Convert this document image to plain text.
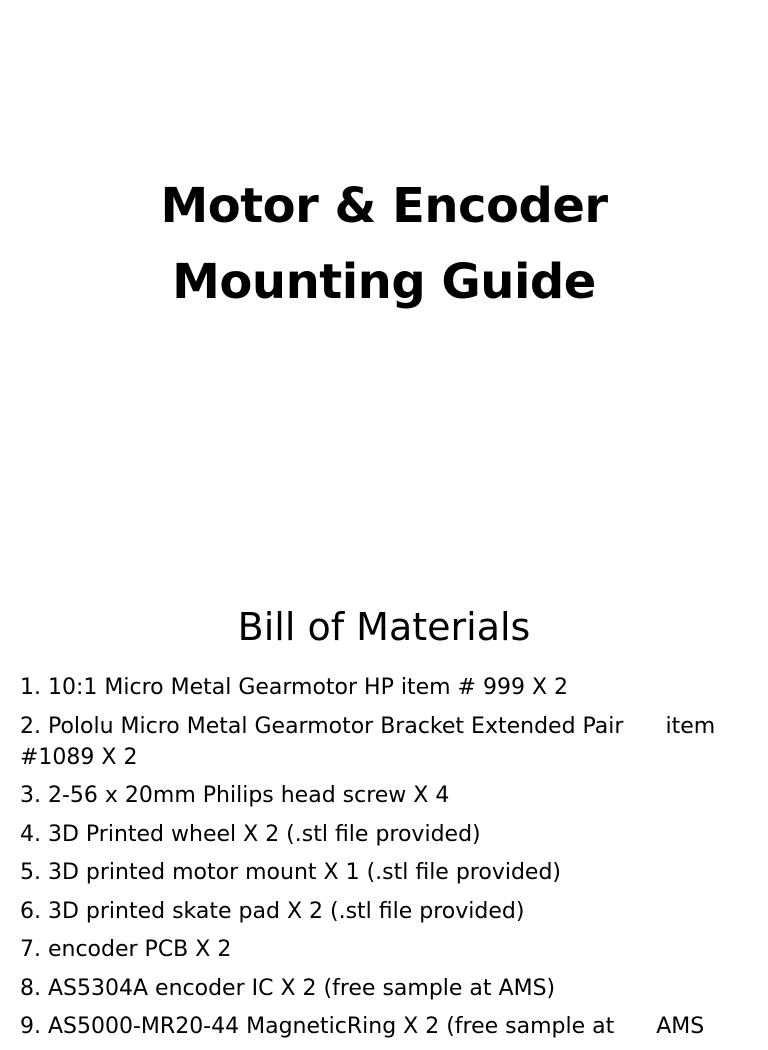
Motor & Encoder
Mounting Guide
Bill of Materials
1. 10:1 Micro Metal Gearmotor HP item # 999 X 2
2. Pololu Micro Metal Gearmotor Bracket Extended Pair item
#1089 X 2
3. 2-56 x 20mm Philips head screw X 4
4. 3D Printed wheel X 2 (.stl file provided)
5. 3D printed motor mount X 1 (.stl file provided)
6. 3D printed skate pad X 2 (.stl file provided)
7. encoder PCB X 2
8. AS5304A encoder IC X 2 (free sample at AMS)
9. AS5000-MR20-44 MagneticRing X 2 (free sample at AMS
